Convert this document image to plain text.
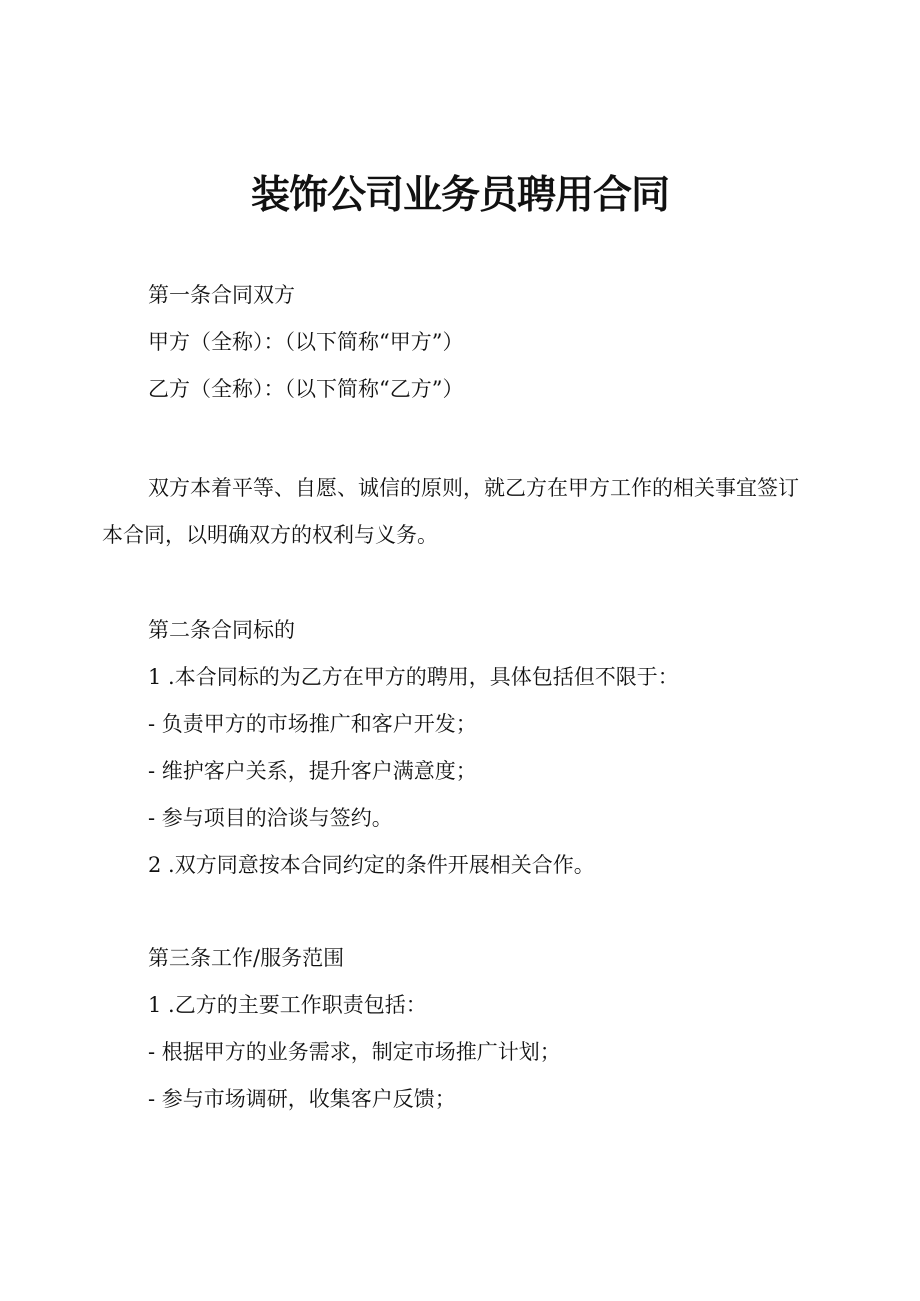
装饰公司业务员聘用合同
第一条合同双方
甲方（全称）：（以下简称“甲方”）
乙方（全称）：（以下简称“乙方”）
双方本着平等、自愿、诚信的原则，就乙方在甲方工作的相关事宜签订
本合同，以明确双方的权利与义务。
第二条合同标的
1 .本合同标的为乙方在甲方的聘用，具体包括但不限于：
- 负责甲方的市场推广和客户开发；
- 维护客户关系，提升客户满意度；
- 参与项目的洽谈与签约。
2 .双方同意按本合同约定的条件开展相关合作。
第三条工作/服务范围
1 .乙方的主要工作职责包括：
- 根据甲方的业务需求，制定市场推广计划；
- 参与市场调研，收集客户反馈；
